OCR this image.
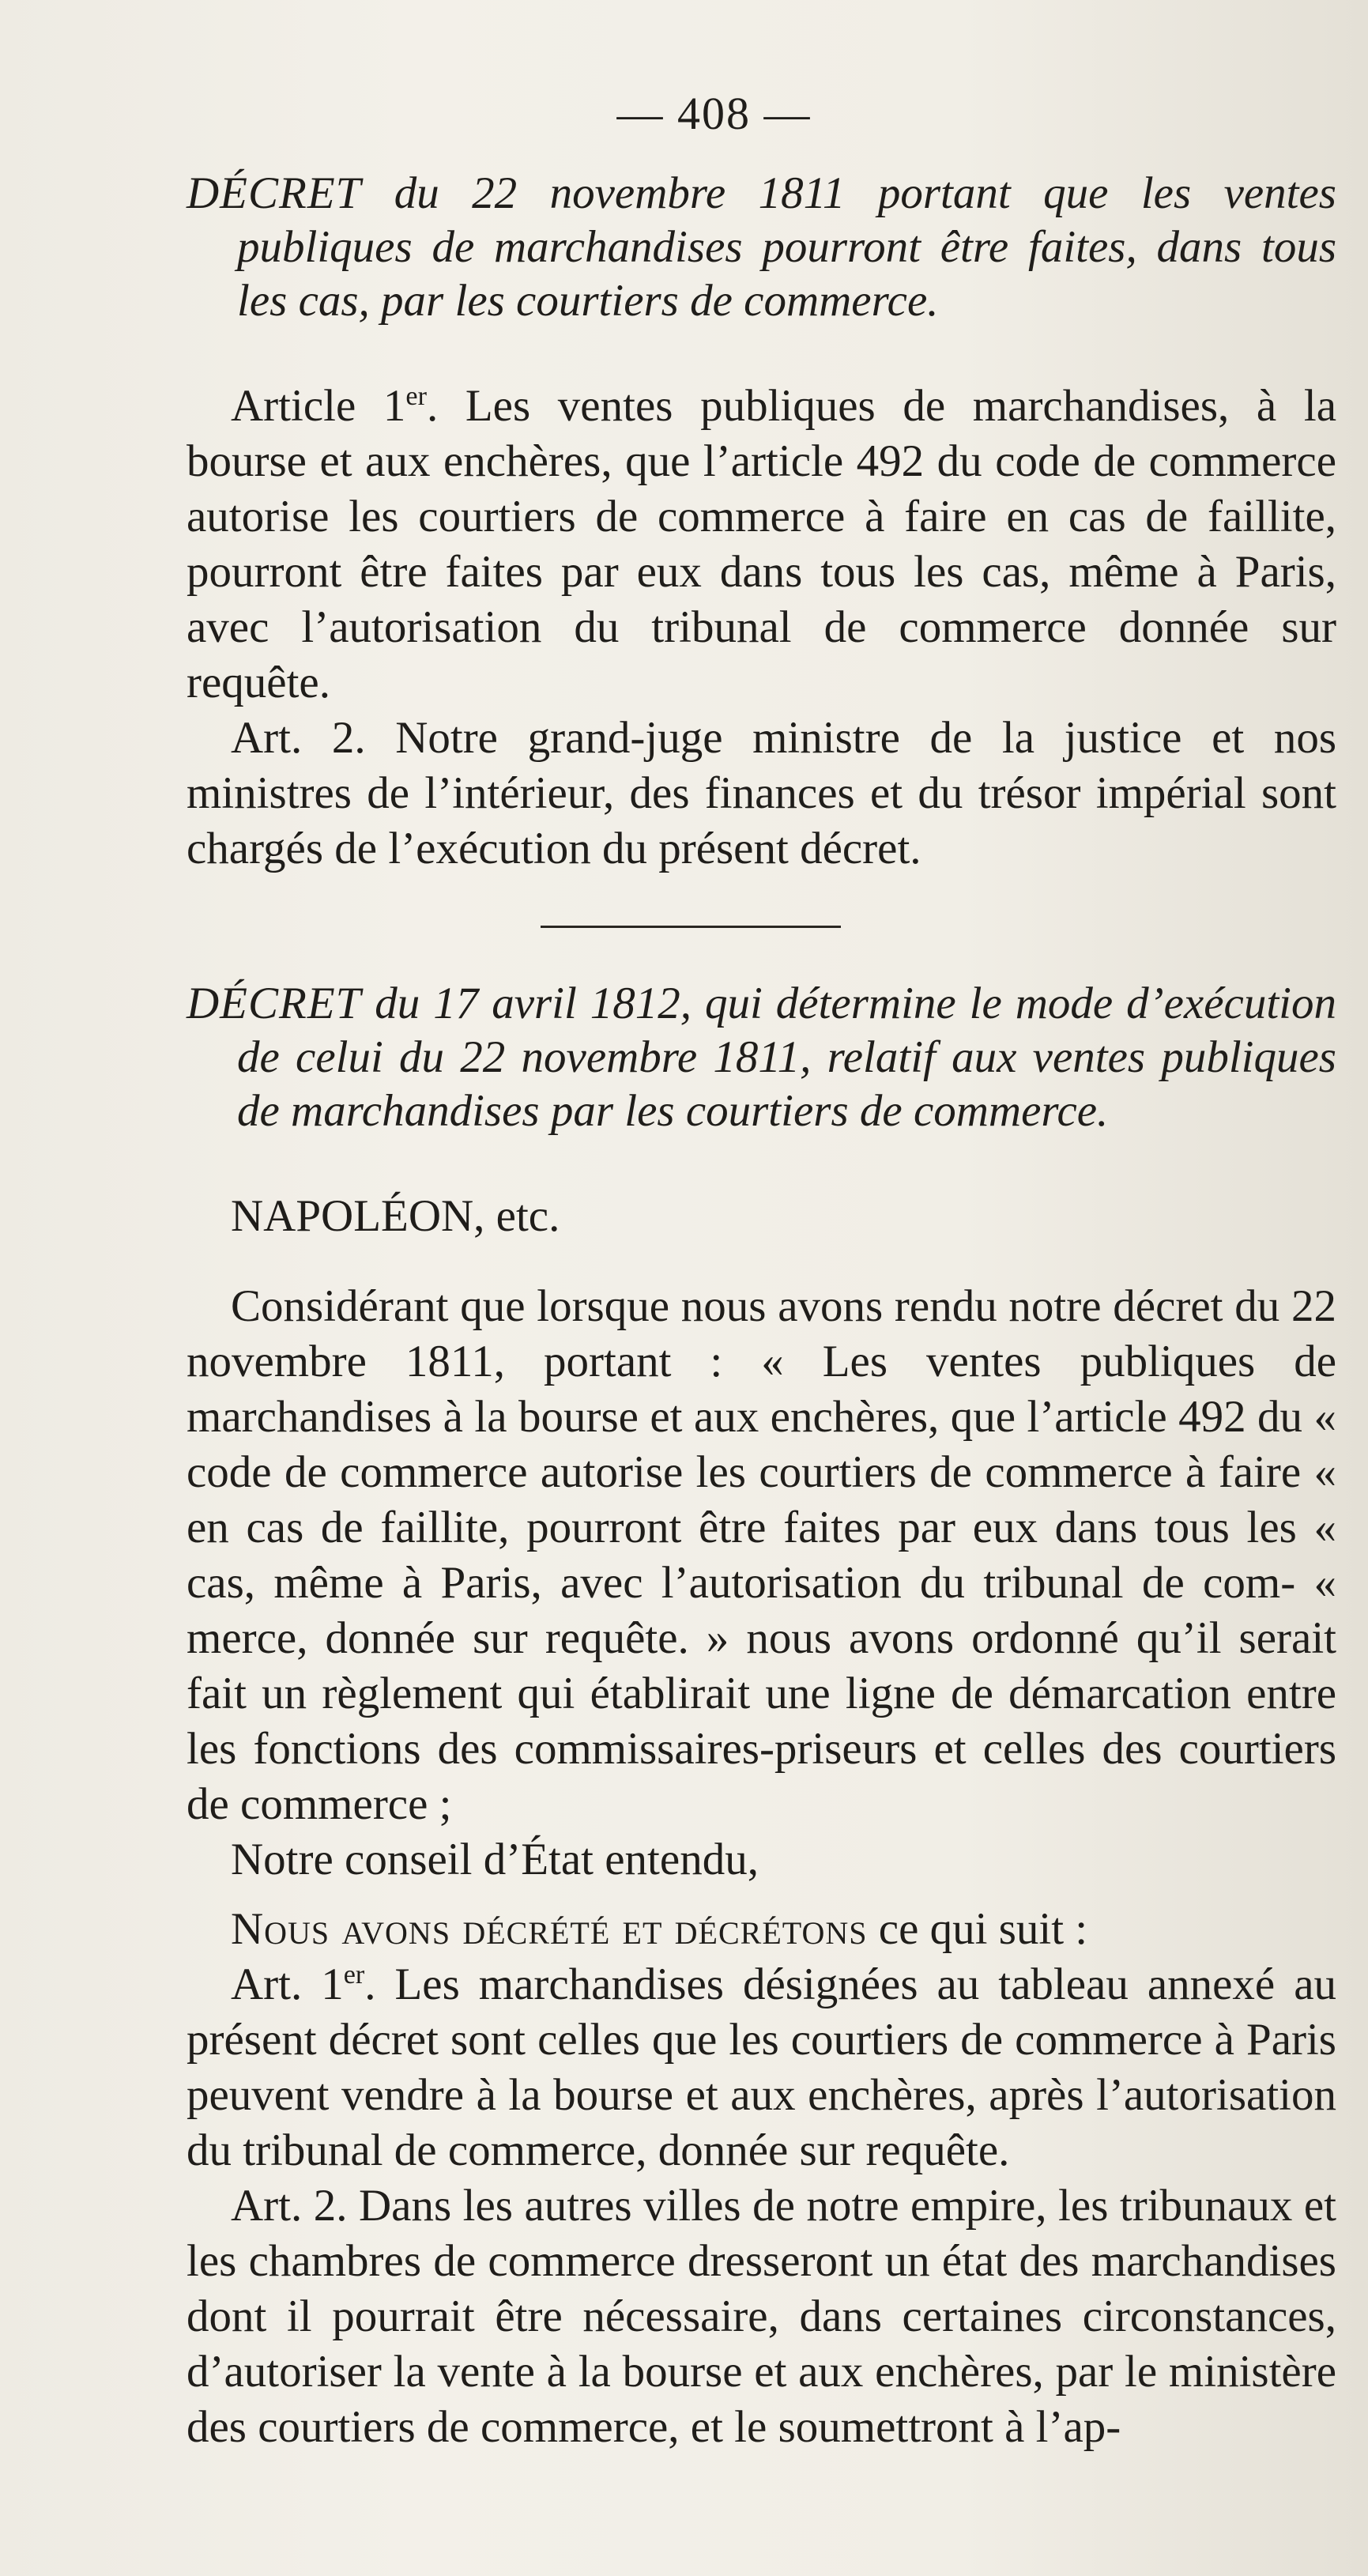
— 408 —

DÉCRET du 22 novembre 1811 portant que les ventes publiques de marchandises pourront être faites, dans tous les cas, par les courtiers de commerce.

Article 1er. Les ventes publiques de marchandises, à la bourse et aux enchères, que l’article 492 du code de commerce autorise les courtiers de commerce à faire en cas de faillite, pourront être faites par eux dans tous les cas, même à Paris, avec l’autorisation du tribunal de commerce donnée sur requête.

Art. 2. Notre grand-juge ministre de la justice et nos ministres de l’intérieur, des finances et du trésor impérial sont chargés de l’exécution du présent décret.

DÉCRET du 17 avril 1812, qui détermine le mode d’exécution de celui du 22 novembre 1811, relatif aux ventes publiques de marchandises par les courtiers de commerce.

NAPOLÉON, etc.

Considérant que lorsque nous avons rendu notre décret du 22 novembre 1811, portant : « Les ventes publiques de marchandises à la bourse et aux enchères, que l’article 492 du « code de commerce autorise les courtiers de commerce à faire « en cas de faillite, pourront être faites par eux dans tous les « cas, même à Paris, avec l’autorisation du tribunal de com- « merce, donnée sur requête. » nous avons ordonné qu’il serait fait un règlement qui établirait une ligne de démarcation entre les fonctions des commissaires-priseurs et celles des courtiers de commerce ;

Notre conseil d’État entendu,

Nous avons décrété et décrétons ce qui suit :

Art. 1er. Les marchandises désignées au tableau annexé au présent décret sont celles que les courtiers de commerce à Paris peuvent vendre à la bourse et aux enchères, après l’autorisation du tribunal de commerce, donnée sur requête.

Art. 2. Dans les autres villes de notre empire, les tribunaux et les chambres de commerce dresseront un état des marchandises dont il pourrait être nécessaire, dans certaines circonstances, d’autoriser la vente à la bourse et aux enchères, par le ministère des courtiers de commerce, et le soumettront à l’ap-
